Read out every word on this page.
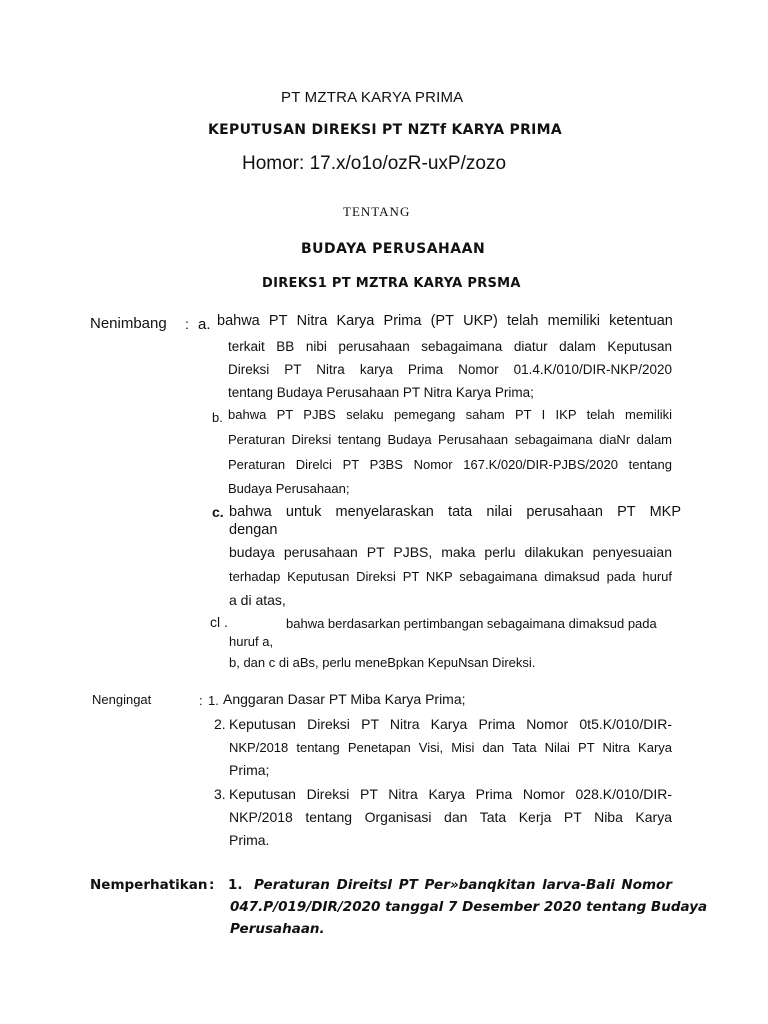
PT MZTRA KARYA PRIMA
KEPUTUSAN DIREKSI PT NZTf KARYA PRIMA
Homor: 17.x/o1o/ozR-uxP/zozo
TENTANG
BUDAYA PERUSAHAAN
DIREKS1 PT MZTRA KARYA PRSMA
Nenimbang : a. bahwa PT Nitra Karya Prima (PT UKP) telah memiliki ketentuan
terkait BB nibi perusahaan sebagaimana diatur dalam Keputusan
Direksi PT Nitra karya Prima Nomor 01.4.K/010/DIR-NKP/2020
tentang Budaya Perusahaan PT Nitra Karya Prima;
b. bahwa PT PJBS selaku pemegang saham PT I IKP telah memiliki
Peraturan Direksi tentang Budaya Perusahaan sebagaimana diaNr dalam
Peraturan Direlci PT P3BS Nomor 167.K/020/DIR-PJBS/2020 tentang
Budaya Perusahaan;
c. bahwa untuk menyelaraskan tata nilai perusahaan PT MKP
dengan
budaya perusahaan PT PJBS, maka perlu dilakukan penyesuaian
terhadap Keputusan Direksi PT NKP sebagaimana dimaksud pada huruf
a di atas,
cl .	bahwa berdasarkan pertimbangan sebagaimana dimaksud pada
huruf a,
b, dan c di aBs, perlu meneBpkan KepuNsan Direksi.
Nengingat	: 1. Anggaran Dasar PT Miba Karya Prima;
2. Keputusan Direksi PT Nitra Karya Prima Nomor 0t5.K/010/DIR-
NKP/2018 tentang Penetapan Visi, Misi dan Tata Nilai PT Nitra Karya
Prima;
3. Keputusan Direksi PT Nitra Karya Prima Nomor 028.K/010/DIR-
NKP/2018 tentang Organisasi dan Tata Kerja PT Niba Karya
Prima.
Nemperhatikan : 1. Peraturan Direitsl PT Per»banqkitan larva-Bali Nomor
047.P/019/DIR/2020 tanggal 7 Desember 2020 tentang Budaya
Perusahaan.
